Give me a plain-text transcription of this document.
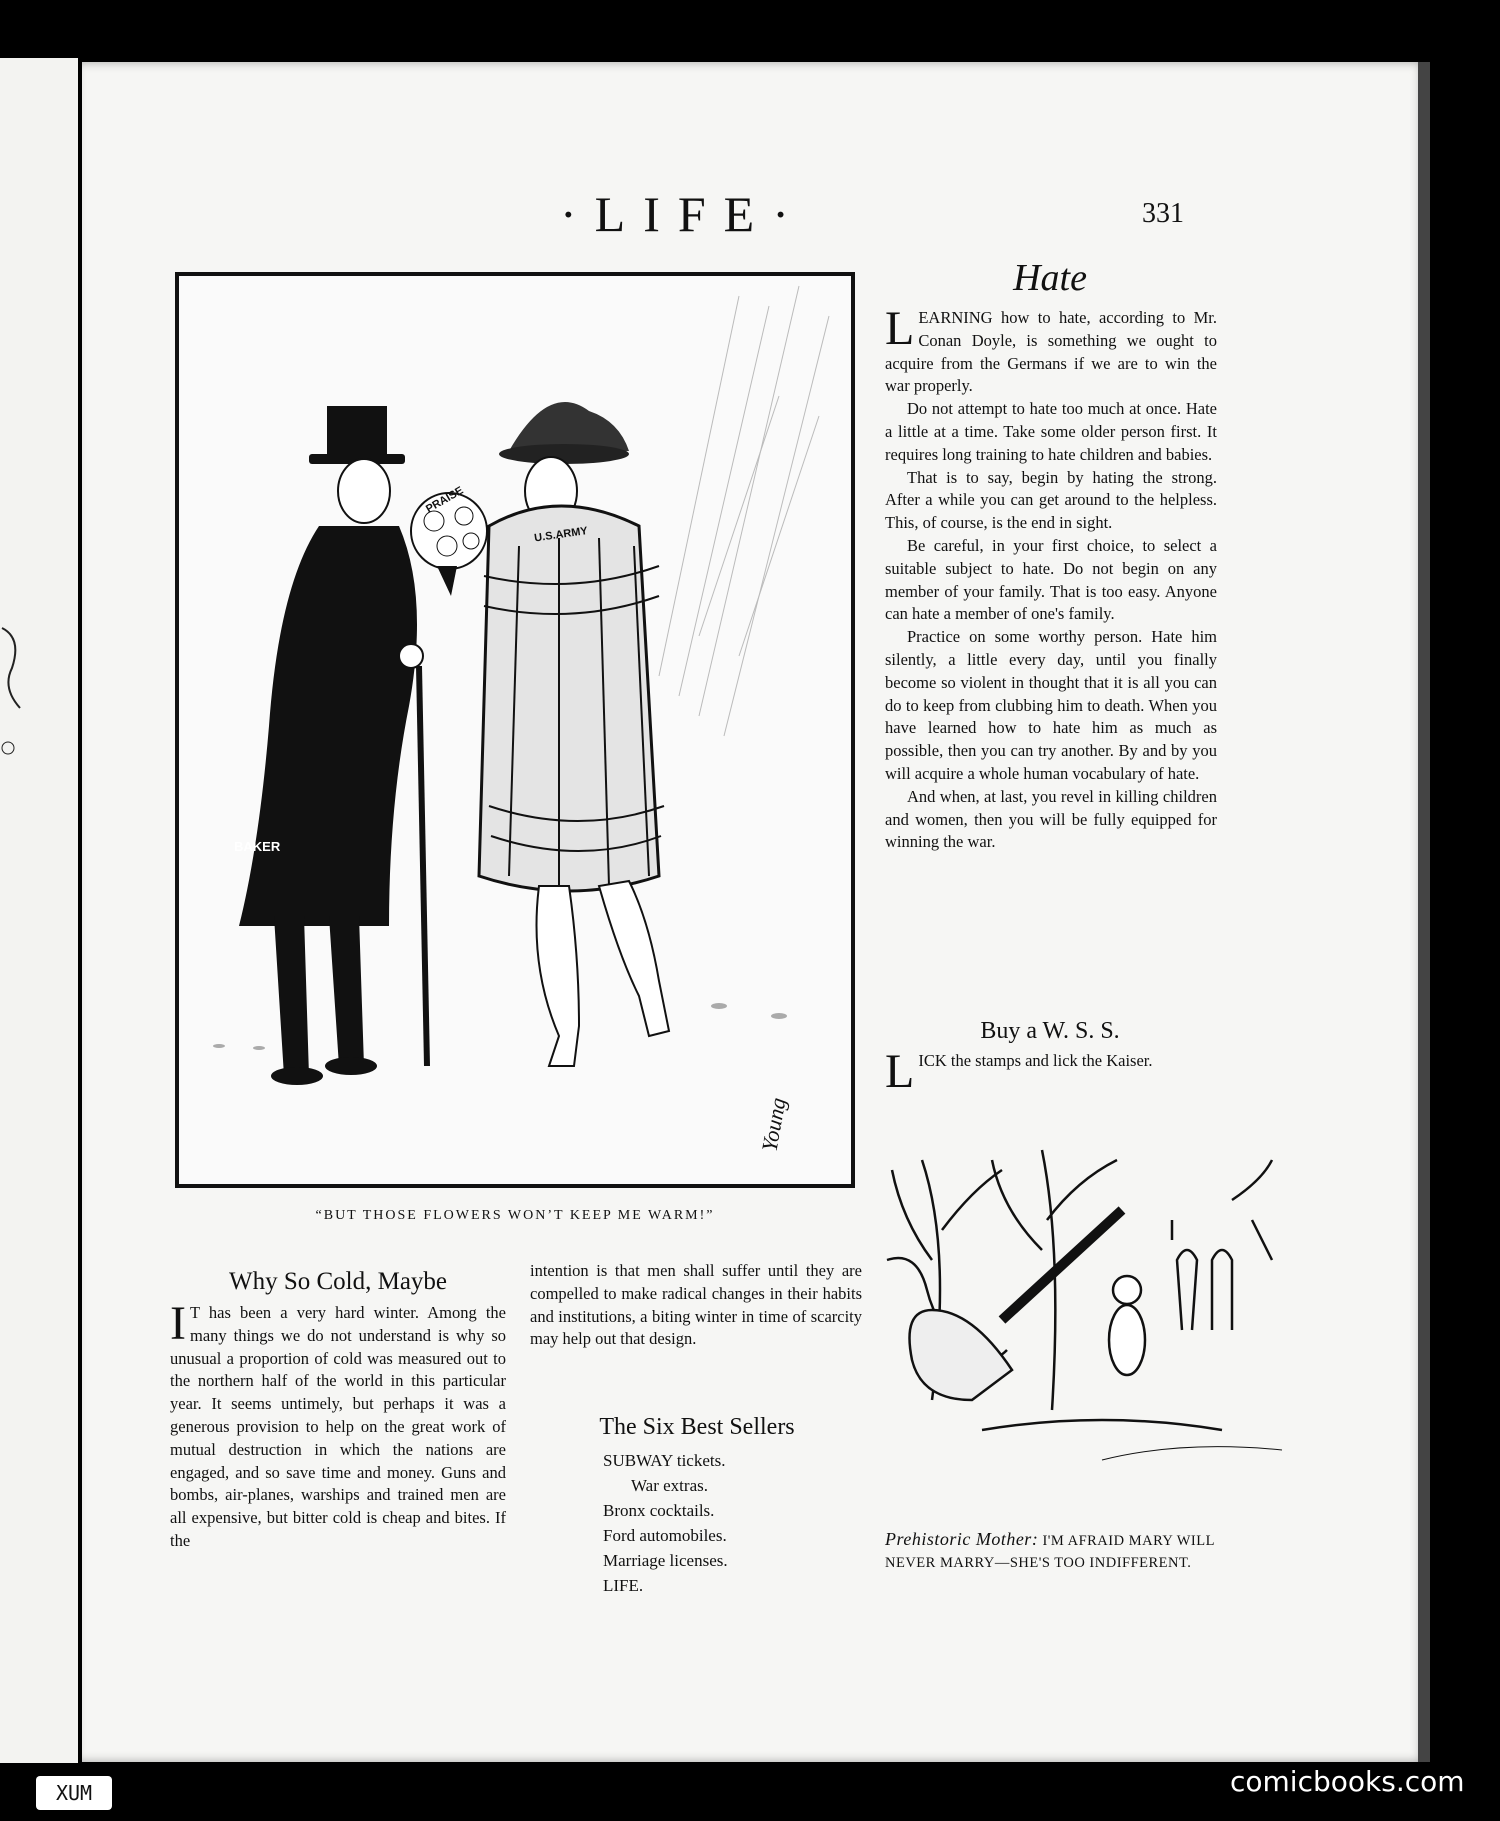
·LIFE·	331
BAKER
PRAISE
U.S.ARMY
Young
“BUT THOSE FLOWERS WON’T KEEP ME WARM!”
Hate

LEARNING how to hate, according to Mr. Conan Doyle, is something we ought to acquire from the Germans if we are to win the war properly.

Do not attempt to hate too much at once. Hate a little at a time. Take some older person first. It requires long training to hate children and babies.

That is to say, begin by hating the strong. After a while you can get around to the helpless. This, of course, is the end in sight.

Be careful, in your first choice, to select a suitable subject to hate. Do not begin on any member of your family. That is too easy. Anyone can hate a member of one's family.

Practice on some worthy person. Hate him silently, a little every day, until you finally become so violent in thought that it is all you can do to keep from clubbing him to death. When you have learned how to hate him as much as possible, then you can try another. By and by you will acquire a whole human vocabulary of hate.

And when, at last, you revel in killing children and women, then you will be fully equipped for winning the war.

Buy a W. S. S.

LICK the stamps and lick the Kaiser.

Prehistoric Mother: I'M AFRAID MARY WILL NEVER MARRY—SHE'S TOO INDIFFERENT.
Why So Cold, Maybe

I T has been a very hard winter. Among the many things we do not understand is why so unusual a proportion of cold was measured out to the northern half of the world in this particular year. It seems untimely, but perhaps it was a generous provision to help on the great work of mutual destruction in which the nations are engaged, and so save time and money. Guns and bombs, air-planes, warships and trained men are all expensive, but bitter cold is cheap and bites. If the

intention is that men shall suffer until they are compelled to make radical changes in their habits and institutions, a biting winter in time of scarcity may help out that design.

The Six Best Sellers
SUBWAY tickets.
War extras.
Bronx cocktails.
Ford automobiles.
Marriage licenses.
LIFE.
comicbooks.com
XUM
